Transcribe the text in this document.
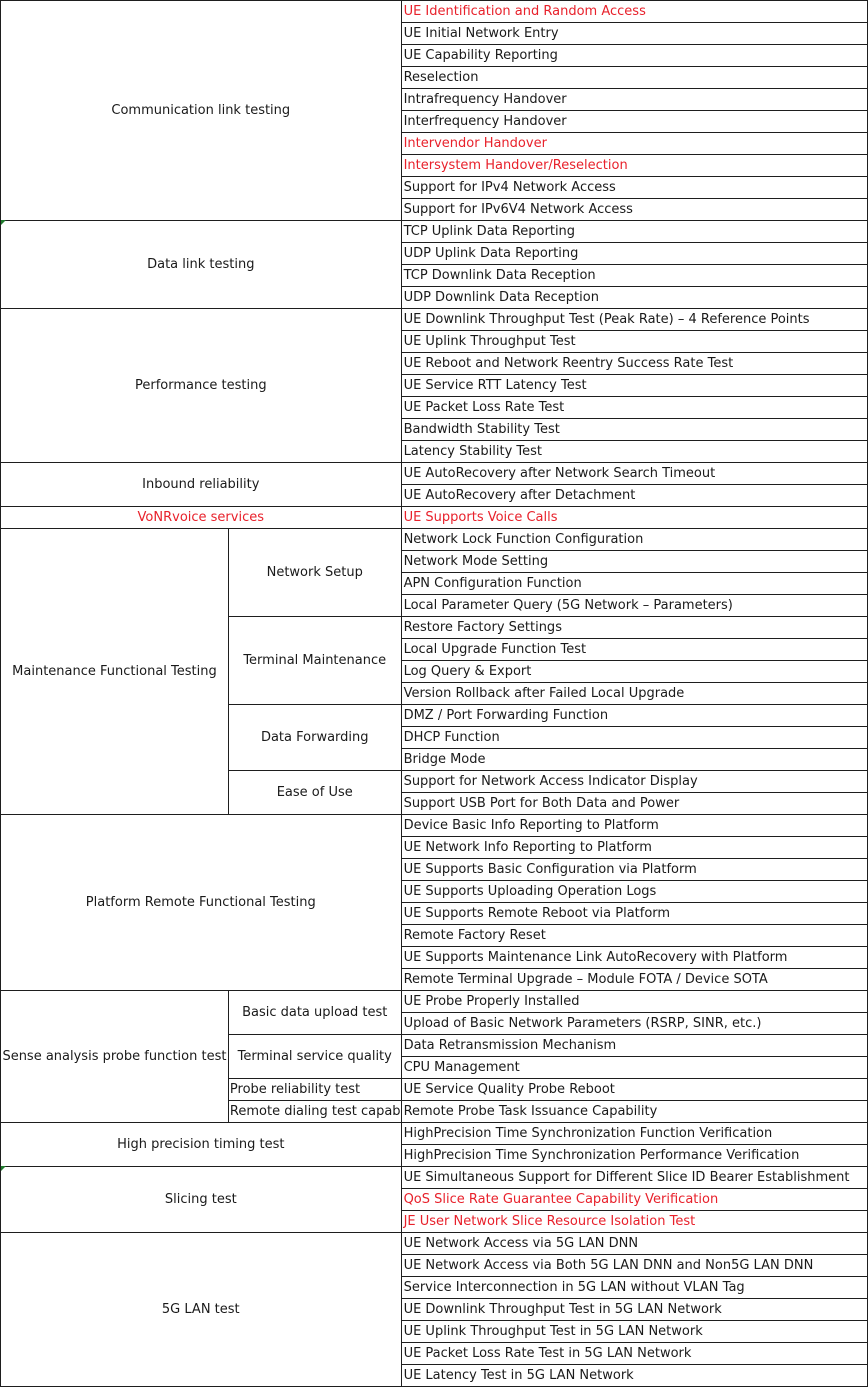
Communication link testing		UE Identification and Random Access
		UE Initial Network Entry
		UE Capability Reporting
		Reselection
		Intrafrequency Handover
		Interfrequency Handover
		Intervendor Handover
		Intersystem Handover/Reselection
		Support for IPv4 Network Access
		Support for IPv6V4 Network Access
Data link testing		TCP Uplink Data Reporting
		UDP Uplink Data Reporting
		TCP Downlink Data Reception
		UDP Downlink Data Reception
Performance testing		UE Downlink Throughput Test (Peak Rate) – 4 Reference Points
		UE Uplink Throughput Test
		UE Reboot and Network Reentry Success Rate Test
		UE Service RTT Latency Test
		UE Packet Loss Rate Test
		Bandwidth Stability Test
		Latency Stability Test
Inbound reliability		UE AutoRecovery after Network Search Timeout
		UE AutoRecovery after Detachment
VoNRvoice services		UE Supports Voice Calls
Maintenance Functional Testing	Network Setup	Network Lock Function Configuration
		Network Mode Setting
		APN Configuration Function
		Local Parameter Query (5G Network – Parameters)
	Terminal Maintenance	Restore Factory Settings
		Local Upgrade Function Test
		Log Query & Export
		Version Rollback after Failed Local Upgrade
	Data Forwarding	DMZ / Port Forwarding Function
		DHCP Function
		Bridge Mode
	Ease of Use	Support for Network Access Indicator Display
		Support USB Port for Both Data and Power
Platform Remote Functional Testing		Device Basic Info Reporting to Platform
		UE Network Info Reporting to Platform
		UE Supports Basic Configuration via Platform
		UE Supports Uploading Operation Logs
		UE Supports Remote Reboot via Platform
		Remote Factory Reset
		UE Supports Maintenance Link AutoRecovery with Platform
		Remote Terminal Upgrade – Module FOTA / Device SOTA
Sense analysis probe function test	Basic data upload test	UE Probe Properly Installed
		Upload of Basic Network Parameters (RSRP, SINR, etc.)
	Terminal service quality	Data Retransmission Mechanism
		CPU Management
	Probe reliability test	UE Service Quality Probe Reboot
	Remote dialing test capab	Remote Probe Task Issuance Capability
High precision timing test		HighPrecision Time Synchronization Function Verification
		HighPrecision Time Synchronization Performance Verification
Slicing test		UE Simultaneous Support for Different Slice ID Bearer Establishment
		QoS Slice Rate Guarantee Capability Verification
		JE User Network Slice Resource Isolation Test
5G LAN test		UE Network Access via 5G LAN DNN
		UE Network Access via Both 5G LAN DNN and Non5G LAN DNN
		Service Interconnection in 5G LAN without VLAN Tag
		UE Downlink Throughput Test in 5G LAN Network
		UE Uplink Throughput Test in 5G LAN Network
		UE Packet Loss Rate Test in 5G LAN Network
		UE Latency Test in 5G LAN Network
